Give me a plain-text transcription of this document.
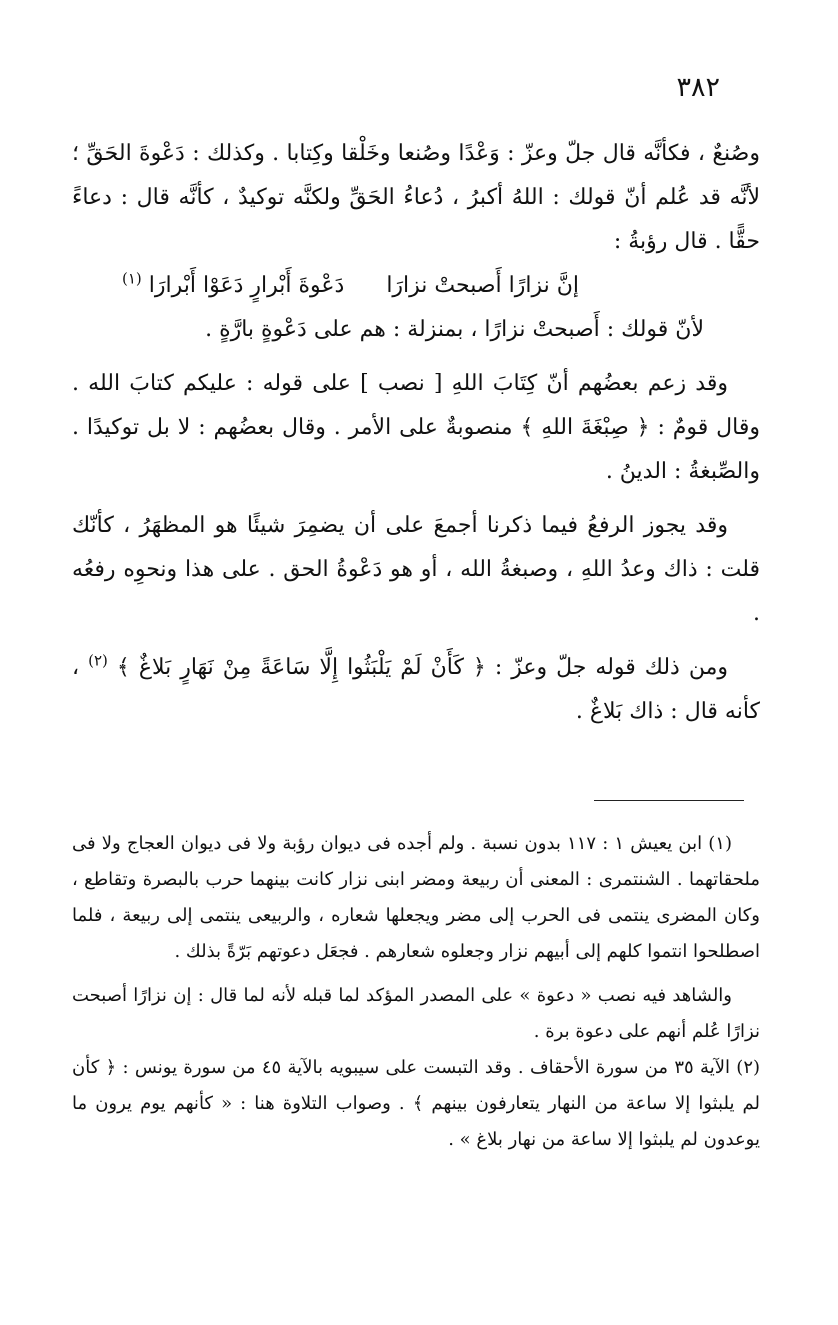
٣٨٢

وصُنعٌ ، فكأنَّه قال جلّ وعزّ : وَعْدًا وصُنعا وخَلْقا وكِتابا . وكذلك : دَعْوةَ الحَقِّ ؛ لأنَّه قد عُلم أنّ قولك : اللهُ أكبرُ ، دُعاءُ الحَقِّ ولكنَّه توكيدٌ ، كأنَّه قال : دعاءً حقًّا . قال رؤبةُ :

إنَّ نزارًا أَصبحتْ نزارَا
دَعْوةَ أَبْرارٍ دَعَوْا أَبْرارَا $^{(١)}$

لأنّ قولك : أَصبحتْ نزارًا ، بمنزلة : هم على دَعْوةٍ بارَّةٍ .

وقد زعم بعضُهم أنّ كِتَابَ اللهِ [ نصب ] على قوله : عليكم كتابَ الله . وقال قومٌ : ﴿ صِبْغَةَ اللهِ ﴾ منصوبةٌ على الأمر . وقال بعضُهم : لا بل توكيدًا . والصِّبغةُ : الدينُ .

وقد يجوز الرفعُ فيما ذكرنا أجمعَ على أن يضمِرَ شيئًا هو المظهَرُ ، كأنّك قلت : ذاك وعدُ اللهِ ، وصبغةُ الله ، أو هو دَعْوةُ الحق . على هذا ونحوِه رفعُه .

ومن ذلك قوله جلّ وعزّ : ﴿ كَأَنْ لَمْ يَلْبَثُوا إِلَّا سَاعَةً مِنْ نَهَارٍ بَلاغٌ ﴾ $^{(٢)}$ ، كأنه قال : ذاك بَلاغٌ .

(١) ابن يعيش ١ : ١١٧ بدون نسبة . ولم أجده فى ديوان رؤبة ولا فى ديوان العجاج ولا فى ملحقاتهما . الشنتمرى : المعنى أن ربيعة ومضر ابنى نزار كانت بينهما حرب بالبصرة وتقاطع ، وكان المضرى ينتمى فى الحرب إلى مضر ويجعلها شعاره ، والربيعى ينتمى إلى ربيعة ، فلما اصطلحوا انتموا كلهم إلى أبيهم نزار وجعلوه شعارهم . فجعَل دعوتهم بَرّةً بذلك .

والشاهد فيه نصب « دعوة » على المصدر المؤكد لما قبله لأنه لما قال : إن نزارًا أصبحت نزارًا عُلم أنهم على دعوة برة .

(٢) الآية ٣٥ من سورة الأحقاف . وقد التبست على سيبويه بالآية ٤٥ من سورة يونس : ﴿ كأن لم يلبثوا إلا ساعة من النهار يتعارفون بينهم ﴾ . وصواب التلاوة هنا : « كأنهم يوم يرون ما يوعدون لم يلبثوا إلا ساعة من نهار بلاغ » .
